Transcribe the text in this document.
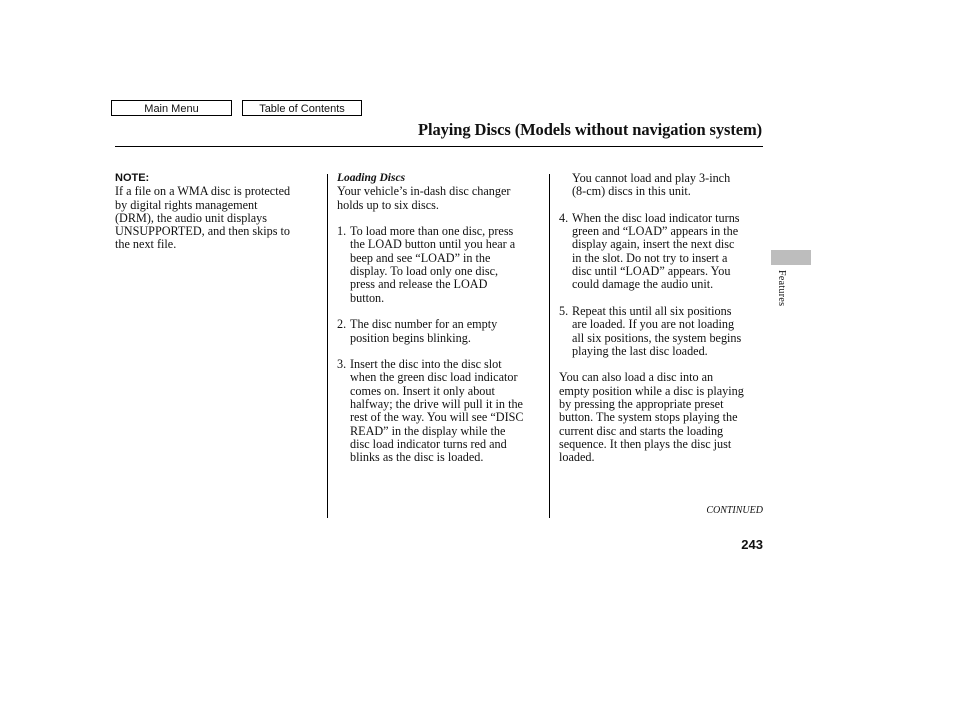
Main Menu	Table of Contents
Playing Discs (Models without navigation system)

NOTE:

If a file on a WMA disc is protected

by digital rights management

(DRM), the audio unit displays

UNSUPPORTED, and then skips to

the next file.

Loading Discs

Your vehicle’s in-dash disc changer

holds up to six discs.

1. To load more than one disc, press

the LOAD button until you hear a

beep and see “LOAD” in the

display. To load only one disc,

press and release the LOAD

button.

2. The disc number for an empty

position begins blinking.

3. Insert the disc into the disc slot

when the green disc load indicator

comes on. Insert it only about

halfway; the drive will pull it in the

rest of the way. You will see “DISC

READ” in the display while the

disc load indicator turns red and

blinks as the disc is loaded.

You cannot load and play 3-inch

(8-cm) discs in this unit.

4. When the disc load indicator turns

green and “LOAD” appears in the

display again, insert the next disc

in the slot. Do not try to insert a

disc until “LOAD” appears. You

could damage the audio unit.

5. Repeat this until all six positions

are loaded. If you are not loading

all six positions, the system begins

playing the last disc loaded.

You can also load a disc into an

empty position while a disc is playing

by pressing the appropriate preset

button. The system stops playing the

current disc and starts the loading

sequence. It then plays the disc just

loaded.

Features
CONTINUED
243
